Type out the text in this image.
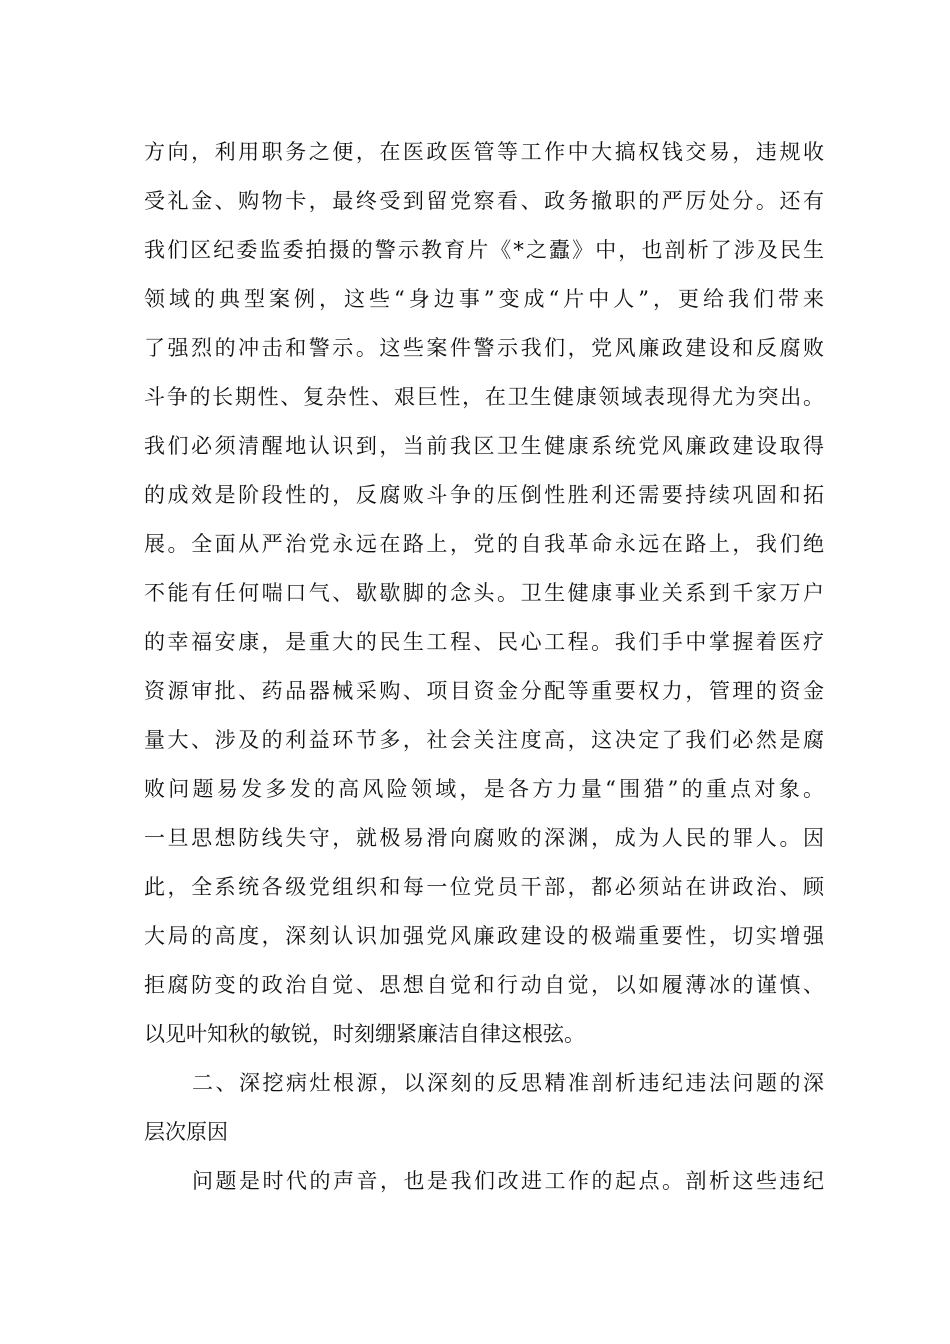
方向，利用职务之便，在医政医管等工作中大搞权钱交易，违规收
受礼金、购物卡，最终受到留党察看、政务撤职的严厉处分。还有
我们区纪委监委拍摄的警示教育片《*之蠹》中，也剖析了涉及民生
领域的典型案例，这些“身边事”变成“片中人”，更给我们带来
了强烈的冲击和警示。这些案件警示我们，党风廉政建设和反腐败
斗争的长期性、复杂性、艰巨性，在卫生健康领域表现得尤为突出。
我们必须清醒地认识到，当前我区卫生健康系统党风廉政建设取得
的成效是阶段性的，反腐败斗争的压倒性胜利还需要持续巩固和拓
展。全面从严治党永远在路上，党的自我革命永远在路上，我们绝
不能有任何喘口气、歇歇脚的念头。卫生健康事业关系到千家万户
的幸福安康，是重大的民生工程、民心工程。我们手中掌握着医疗
资源审批、药品器械采购、项目资金分配等重要权力，管理的资金
量大、涉及的利益环节多，社会关注度高，这决定了我们必然是腐
败问题易发多发的高风险领域，是各方力量“围猎”的重点对象。
一旦思想防线失守，就极易滑向腐败的深渊，成为人民的罪人。因
此，全系统各级党组织和每一位党员干部，都必须站在讲政治、顾
大局的高度，深刻认识加强党风廉政建设的极端重要性，切实增强
拒腐防变的政治自觉、思想自觉和行动自觉，以如履薄冰的谨慎、
以见叶知秋的敏锐，时刻绷紧廉洁自律这根弦。
二、深挖病灶根源，以深刻的反思精准剖析违纪违法问题的深
层次原因
问题是时代的声音，也是我们改进工作的起点。剖析这些违纪
